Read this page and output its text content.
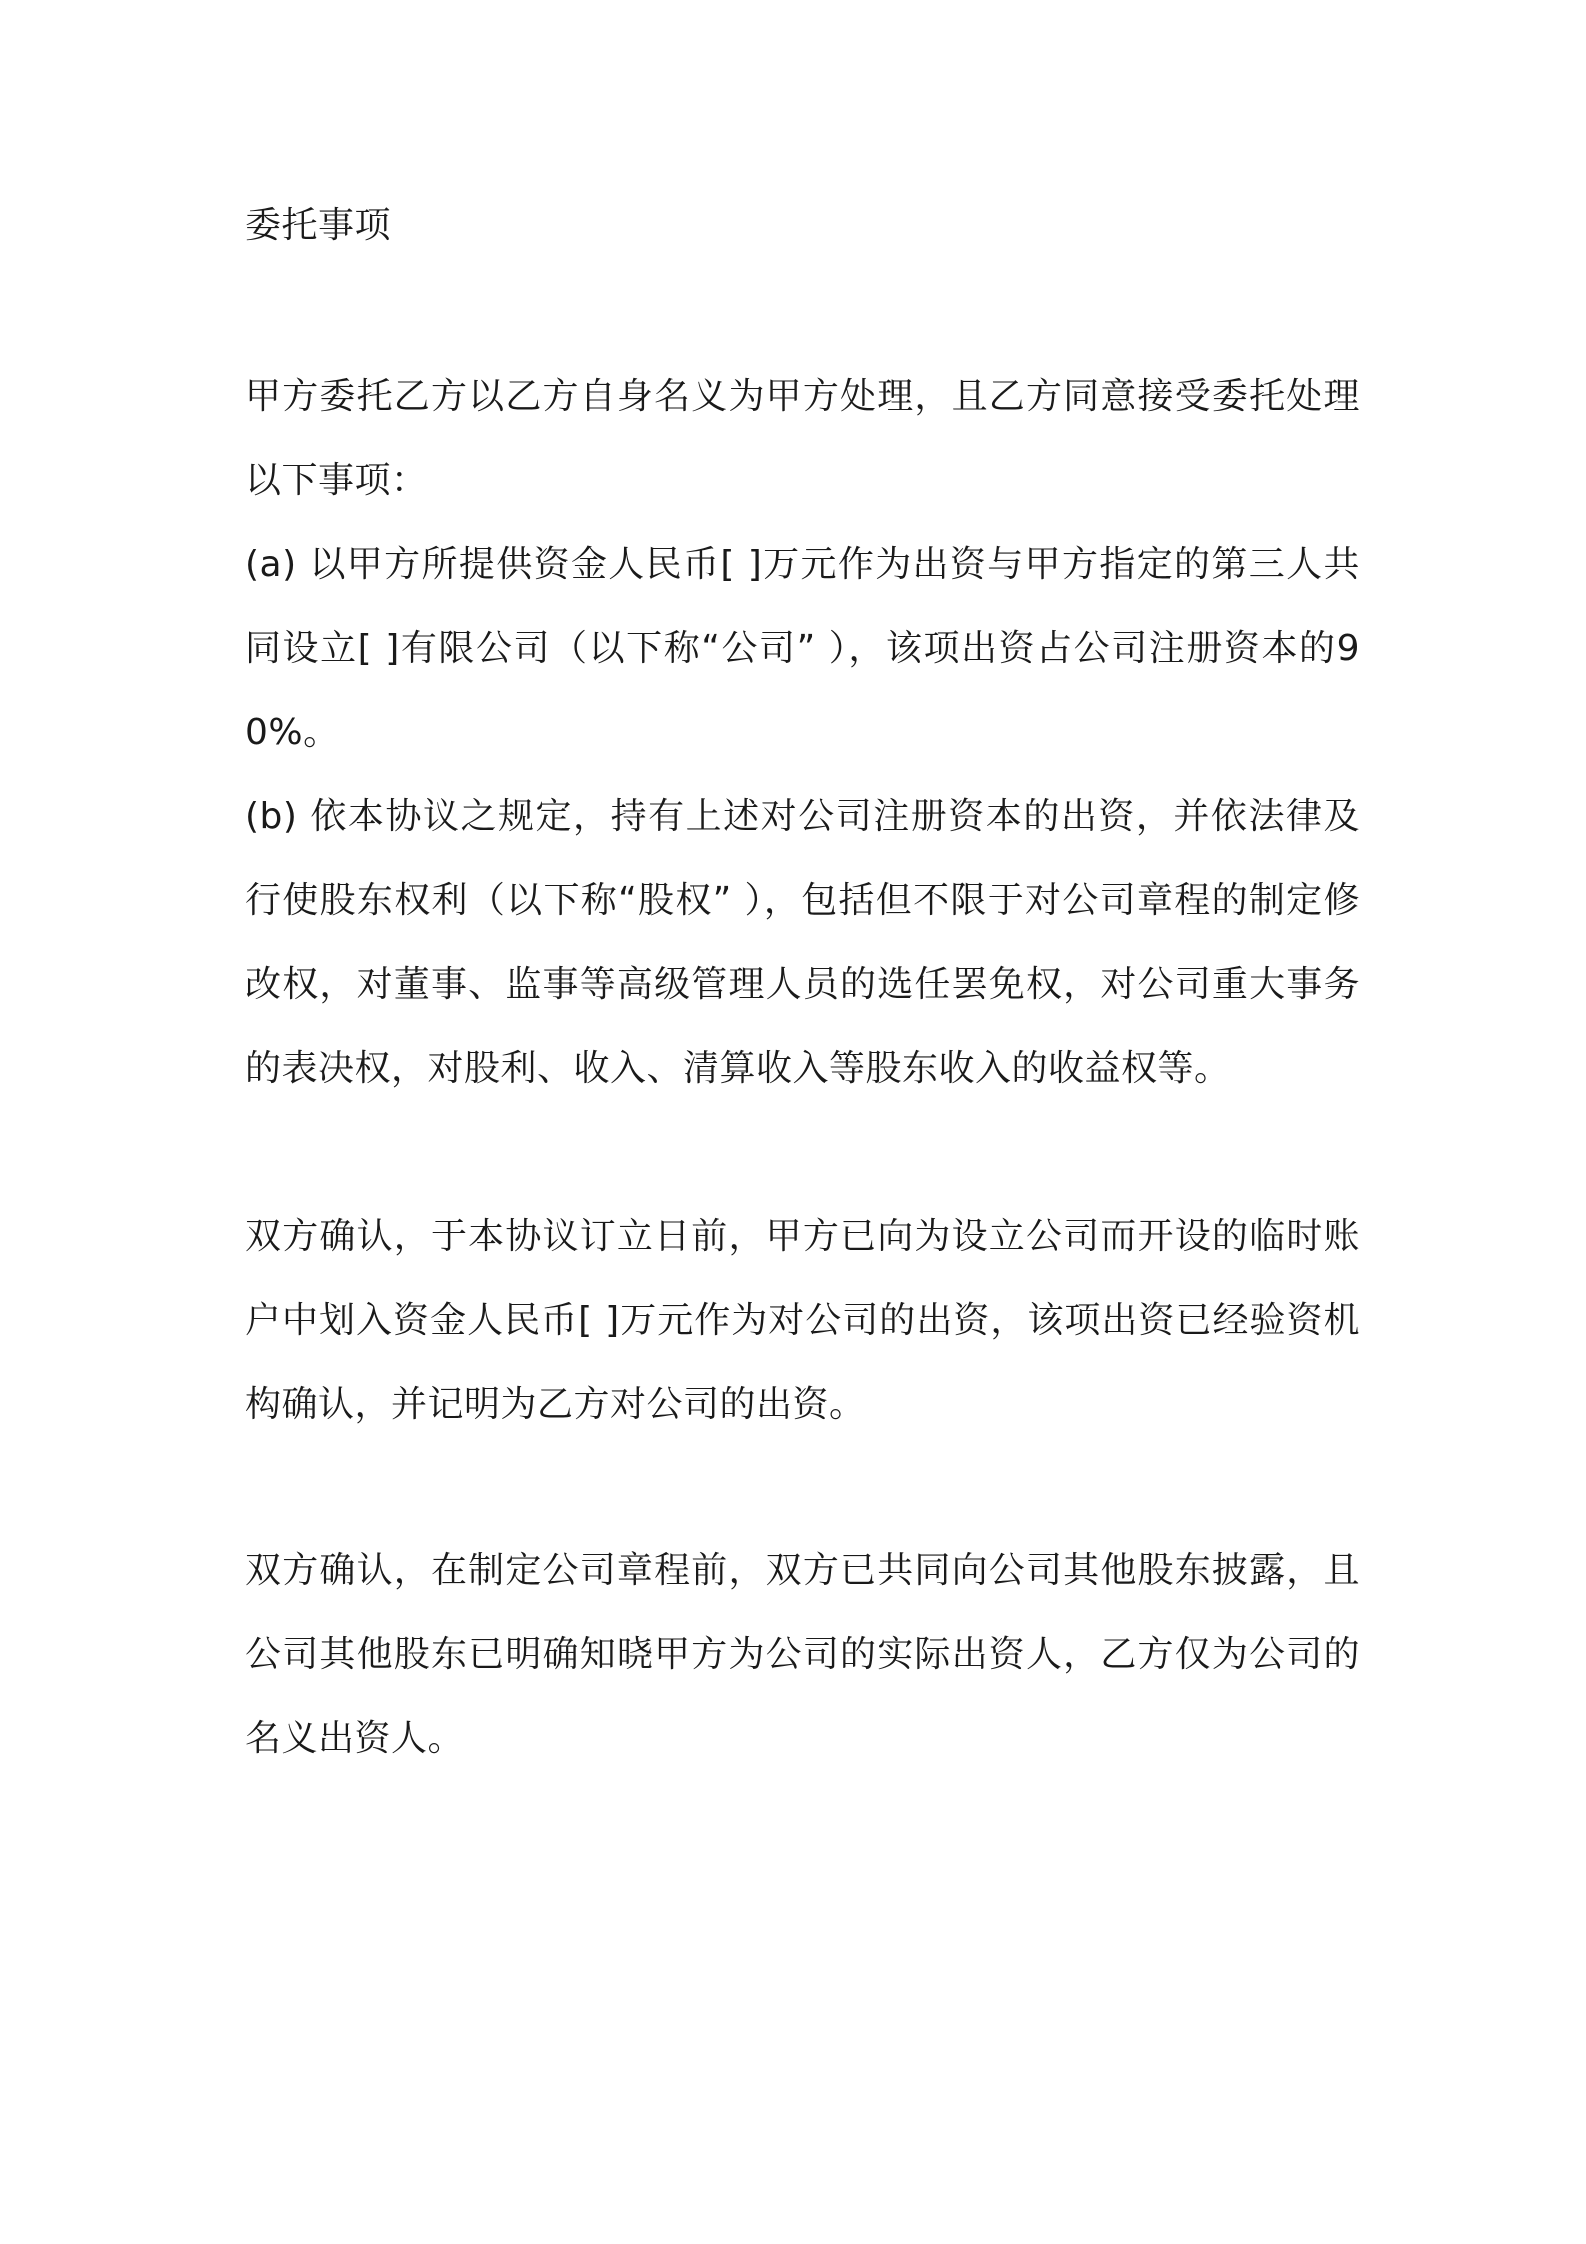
委托事项

甲方委托乙方以乙方自身名义为甲方处理，且乙方同意接受委托处理以下事项：

(a) 以甲方所提供资金人民币[ ]万元作为出资与甲方指定的第三人共同设立[ ]有限公司（以下称“公司” ），该项出资占公司注册资本的90%。

(b) 依本协议之规定，持有上述对公司注册资本的出资，并依法律及行使股东权利（以下称“股权” ），包括但不限于对公司章程的制定修改权，对董事、监事等高级管理人员的选任罢免权，对公司重大事务的表决权，对股利、收入、清算收入等股东收入的收益权等。

双方确认，于本协议订立日前，甲方已向为设立公司而开设的临时账户中划入资金人民币[ ]万元作为对公司的出资，该项出资已经验资机构确认，并记明为乙方对公司的出资。

双方确认，在制定公司章程前，双方已共同向公司其他股东披露，且公司其他股东已明确知晓甲方为公司的实际出资人，乙方仅为公司的名义出资人。
